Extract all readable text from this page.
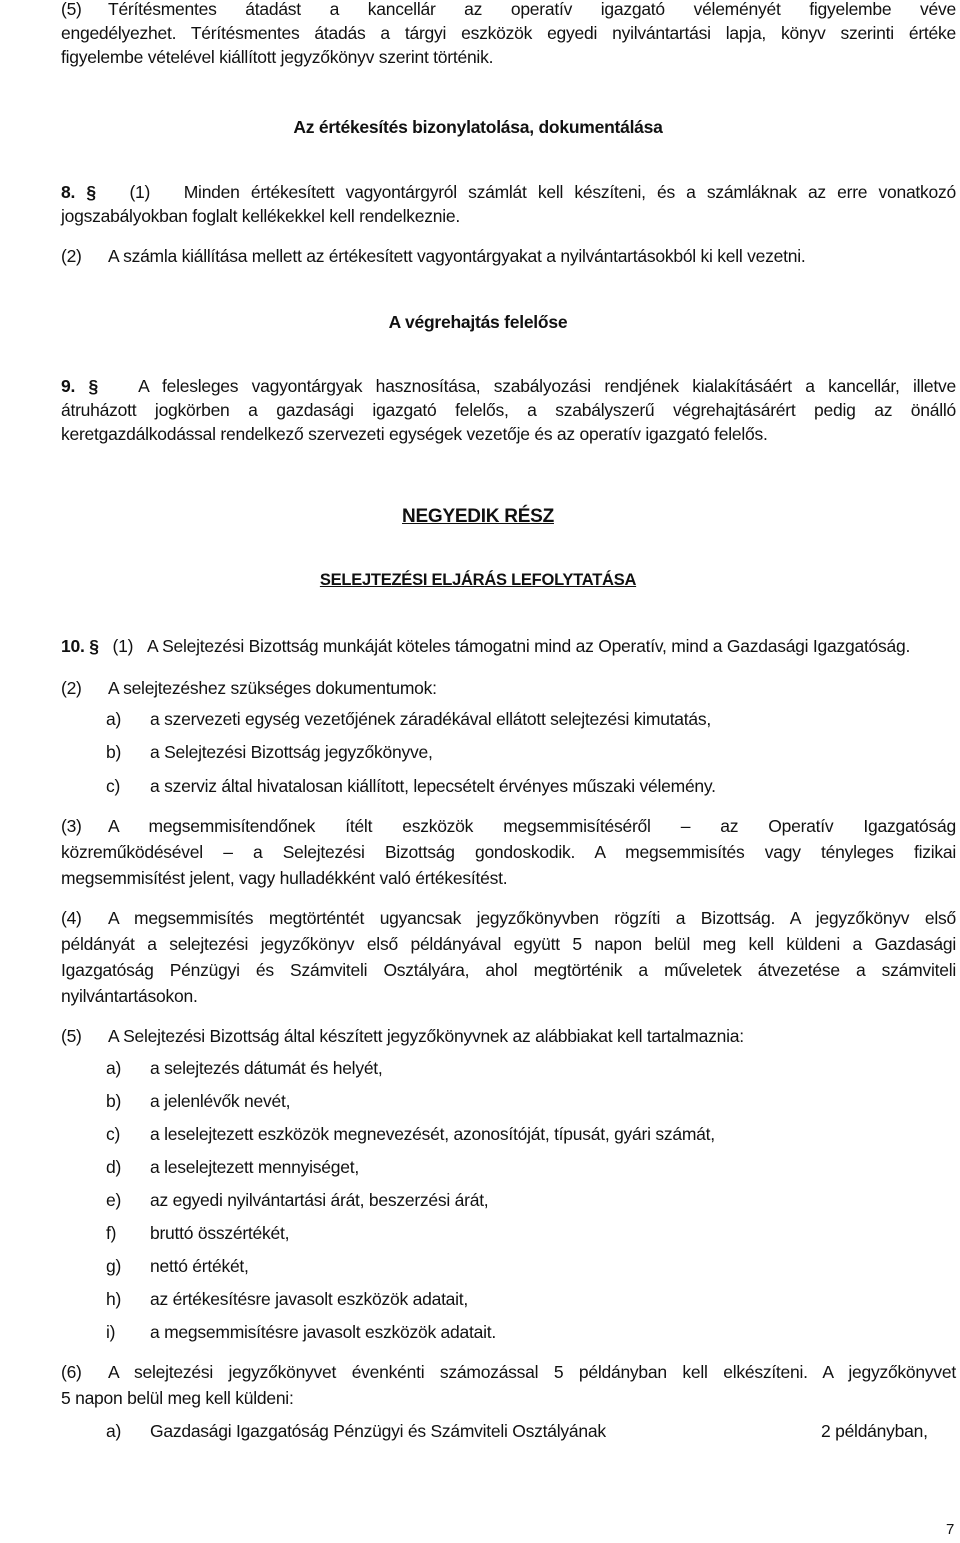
(5) Térítésmentes átadást a kancellár az operatív igazgató véleményét figyelembe véve
engedélyezhet. Térítésmentes átadás a tárgyi eszközök egyedi nyilvántartási lapja, könyv szerinti értéke
figyelembe vételével kiállított jegyzőkönyv szerint történik.
Az értékesítés bizonylatolása, dokumentálása
8. § (1) Minden értékesített vagyontárgyról számlát kell készíteni, és a számláknak az erre vonatkozó
jogszabályokban foglalt kellékekkel kell rendelkeznie.
(2) A számla kiállítása mellett az értékesített vagyontárgyakat a nyilvántartásokból ki kell vezetni.
A végrehajtás felelőse
9. § A felesleges vagyontárgyak hasznosítása, szabályozási rendjének kialakításáért a kancellár, illetve
átruházott jogkörben a gazdasági igazgató felelős, a szabályszerű végrehajtásárért pedig az önálló
keretgazdálkodással rendelkező szervezeti egységek vezetője és az operatív igazgató felelős.
NEGYEDIK RÉSZ
SELEJTEZÉSI ELJÁRÁS LEFOLYTATÁSA
10. § (1) A Selejtezési Bizottság munkáját köteles támogatni mind az Operatív, mind a Gazdasági Igazgatóság.
(2) A selejtezéshez szükséges dokumentumok:
a) a szervezeti egység vezetőjének záradékával ellátott selejtezési kimutatás,
b) a Selejtezési Bizottság jegyzőkönyve,
c) a szerviz által hivatalosan kiállított, lepecsételt érvényes műszaki vélemény.
(3) A megsemmisítendőnek ítélt eszközök megsemmisítéséről – az Operatív Igazgatóság
közreműködésével – a Selejtezési Bizottság gondoskodik. A megsemmisítés vagy tényleges fizikai
megsemmisítést jelent, vagy hulladékként való értékesítést.
(4) A megsemmisítés megtörténtét ugyancsak jegyzőkönyvben rögzíti a Bizottság. A jegyzőkönyv első
példányát a selejtezési jegyzőkönyv első példányával együtt 5 napon belül meg kell küldeni a Gazdasági
Igazgatóság Pénzügyi és Számviteli Osztályára, ahol megtörténik a műveletek átvezetése a számviteli
nyilvántartásokon.
(5) A Selejtezési Bizottság által készített jegyzőkönyvnek az alábbiakat kell tartalmaznia:
a) a selejtezés dátumát és helyét,
b) a jelenlévők nevét,
c) a leselejtezett eszközök megnevezését, azonosítóját, típusát, gyári számát,
d) a leselejtezett mennyiséget,
e) az egyedi nyilvántartási árát, beszerzési árát,
f) bruttó összértékét,
g) nettó értékét,
h) az értékesítésre javasolt eszközök adatait,
i) a megsemmisítésre javasolt eszközök adatait.
(6) A selejtezési jegyzőkönyvet évenkénti számozással 5 példányban kell elkészíteni. A jegyzőkönyvet
5 napon belül meg kell küldeni:
a) Gazdasági Igazgatóság Pénzügyi és Számviteli Osztályának	2 példányban,
7
